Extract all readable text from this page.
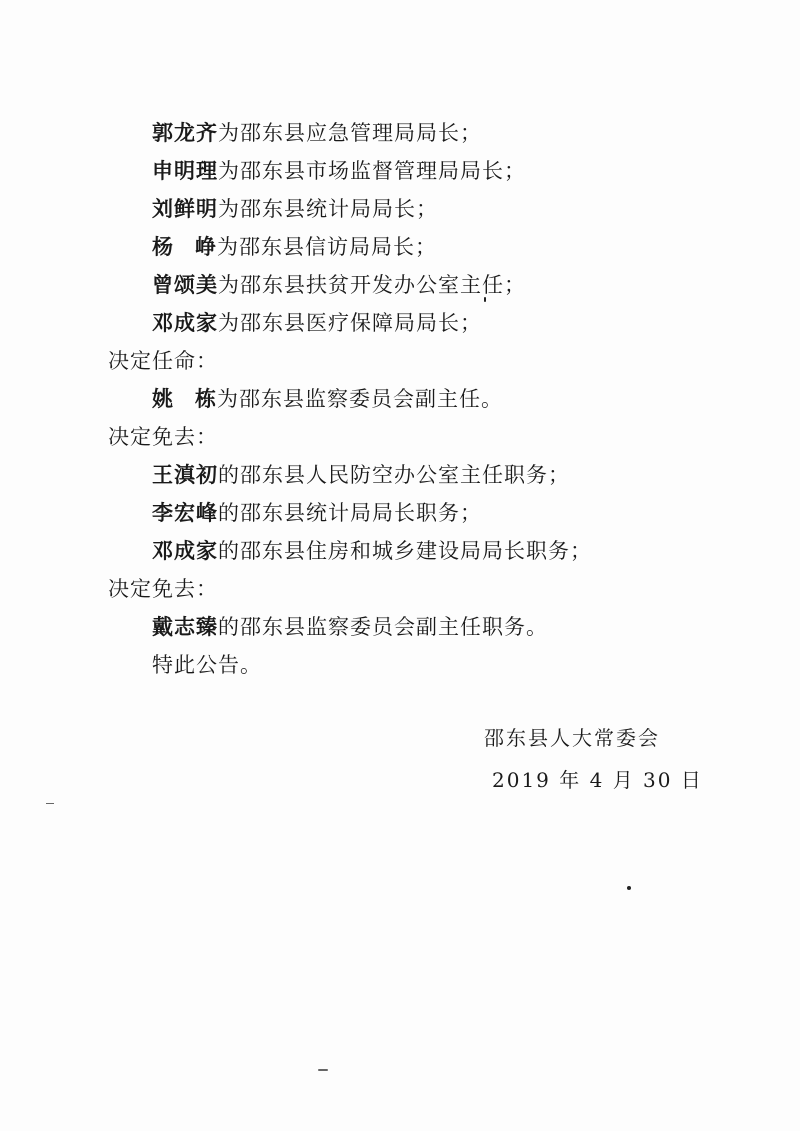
郭龙齐为邵东县应急管理局局长；
申明理为邵东县市场监督管理局局长；
刘鲜明为邵东县统计局局长；
杨 峥为邵东县信访局局长；
曾颂美为邵东县扶贫开发办公室主任；
邓成家为邵东县医疗保障局局长；
决定任命：
姚 栋为邵东县监察委员会副主任。
决定免去：
王滇初的邵东县人民防空办公室主任职务；
李宏峰的邵东县统计局局长职务；
邓成家的邵东县住房和城乡建设局局长职务；
决定免去：
戴志臻的邵东县监察委员会副主任职务。
特此公告。
邵东县人大常委会
2019 年 4 月 30 日
